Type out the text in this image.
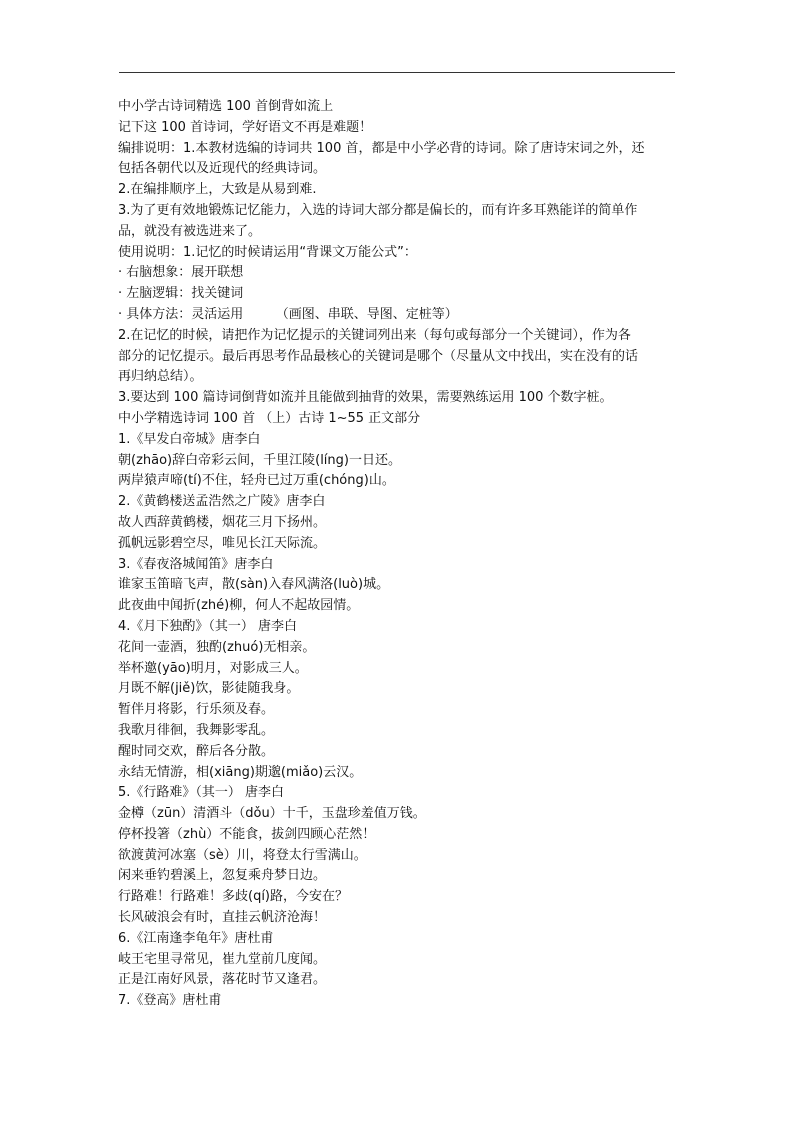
中小学古诗词精选 100 首倒背如流上
记下这 100 首诗词，学好语文不再是难题！
编排说明：1.本教材选编的诗词共 100 首，都是中小学必背的诗词。除了唐诗宋词之外，还
包括各朝代以及近现代的经典诗词。
2.在编排顺序上，大致是从易到难.
3.为了更有效地锻炼记忆能力，入选的诗词大部分都是偏长的，而有许多耳熟能详的简单作
品，就没有被选进来了。
使用说明：1.记忆的时候请运用“背课文万能公式”：
· 右脑想象：展开联想
· 左脑逻辑：找关键词
· 具体方法：灵活运用　　　（画图、串联、导图、定桩等）
2.在记忆的时候，请把作为记忆提示的关键词列出来（每句或每部分一个关键词），作为各
部分的记忆提示。最后再思考作品最核心的关键词是哪个（尽量从文中找出，实在没有的话
再归纳总结）。
3.要达到 100 篇诗词倒背如流并且能做到抽背的效果，需要熟练运用 100 个数字桩。
中小学精选诗词 100 首 （上）古诗 1~55 正文部分
1.《早发白帝城》唐李白
朝(zhāo)辞白帝彩云间，千里江陵(líng)一日还。
两岸猿声啼(tí)不住，轻舟已过万重(chóng)山。
2.《黄鹤楼送孟浩然之广陵》唐李白
故人西辞黄鹤楼，烟花三月下扬州。
孤帆远影碧空尽，唯见长江天际流。
3.《春夜洛城闻笛》唐李白
谁家玉笛暗飞声，散(sàn)入春风满洛(luò)城。
此夜曲中闻折(zhé)柳，何人不起故园情。
4.《月下独酌》（其一） 唐李白
花间一壶酒，独酌(zhuó)无相亲。
举杯邀(yāo)明月，对影成三人。
月既不解(jiě)饮，影徒随我身。
暂伴月将影，行乐须及春。
我歌月徘徊，我舞影零乱。
醒时同交欢，醉后各分散。
永结无情游，相(xiāng)期邈(miǎo)云汉。
5.《行路难》（其一） 唐李白
金樽（zūn）清酒斗（dǒu）十千，玉盘珍羞值万钱。
停杯投箸（zhù）不能食，拔剑四顾心茫然！
欲渡黄河冰塞（sè）川，将登太行雪满山。
闲来垂钓碧溪上，忽复乘舟梦日边。
行路难！行路难！多歧(qí)路，今安在？
长风破浪会有时，直挂云帆济沧海！
6.《江南逢李龟年》唐杜甫
岐王宅里寻常见，崔九堂前几度闻。
正是江南好风景，落花时节又逢君。
7.《登高》唐杜甫
